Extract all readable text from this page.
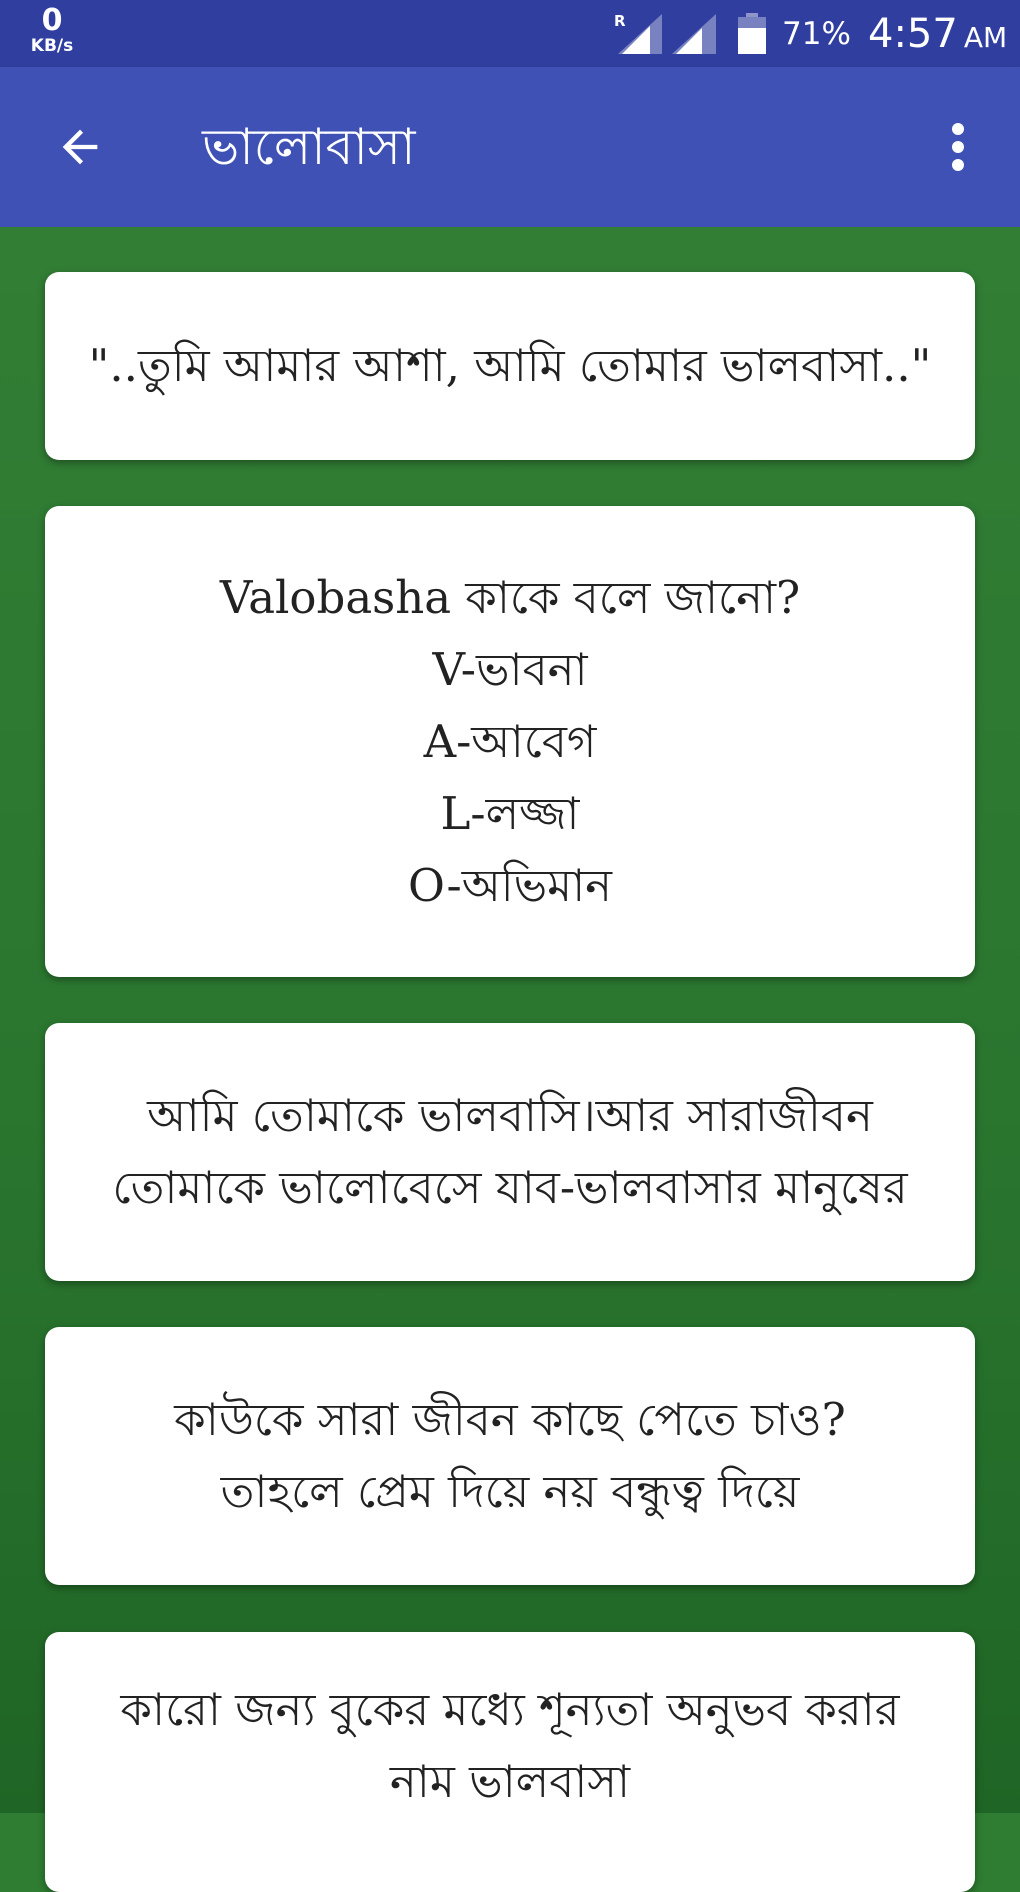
0
KB/s
R	71% 4:57 AM
ভালোবাসা
"..তুমি আমার আশা, আমি তোমার ভালবাসা.."
Valobasha কাকে বলে জানো?
V-ভাবনা
A-আবেগ
L-লজ্জা
O-অভিমান
আমি তোমাকে ভালবাসি।আর সারাজীবন
তোমাকে ভালোবেসে যাব-ভালবাসার মানুষের
কাউকে সারা জীবন কাছে পেতে চাও?
তাহলে প্রেম দিয়ে নয় বন্ধুত্ব দিয়ে
কারো জন্য বুকের মধ্যে শূন্যতা অনুভব করার
নাম ভালবাসা
